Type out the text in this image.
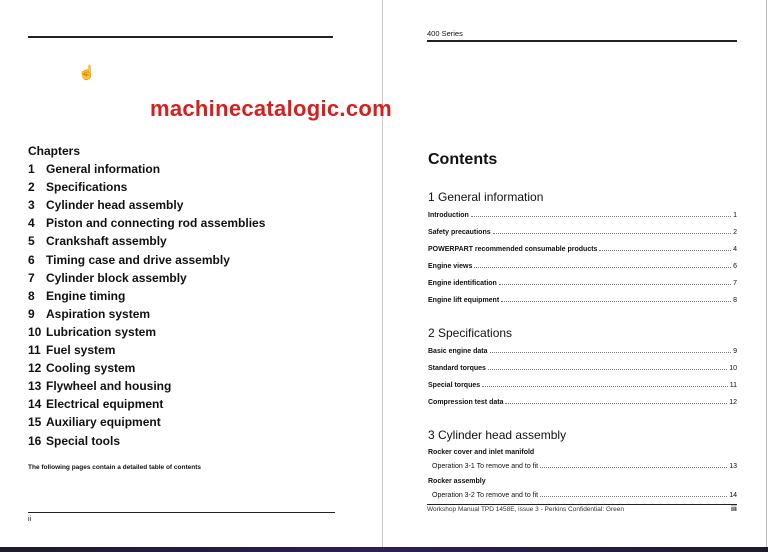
☝
Chapters
1 General information
2 Specifications
3 Cylinder head assembly
4 Piston and connecting rod assemblies
5 Crankshaft assembly
6 Timing case and drive assembly
7 Cylinder block assembly
8 Engine timing
9 Aspiration system
10 Lubrication system
11 Fuel system
12 Cooling system
13 Flywheel and housing
14 Electrical equipment
15 Auxiliary equipment
16 Special tools
The following pages contain a detailed table of contents
ii
400 Series
Contents
1 General information
Introduction	1
Safety precautions	2
POWERPART recommended consumable products	4
Engine views	6
Engine identification	7
Engine lift equipment	8
2 Specifications
Basic engine data	9
Standard torques	10
Special torques	11
Compression test data	12
3 Cylinder head assembly
Rocker cover and inlet manifold
Operation 3-1 To remove and to fit	13
Rocker assembly
Operation 3-2 To remove and to fit	14
Workshop Manual TPD 1458E, issue 3 - Perkins Confidential: Green	iii
machinecatalogic.com
